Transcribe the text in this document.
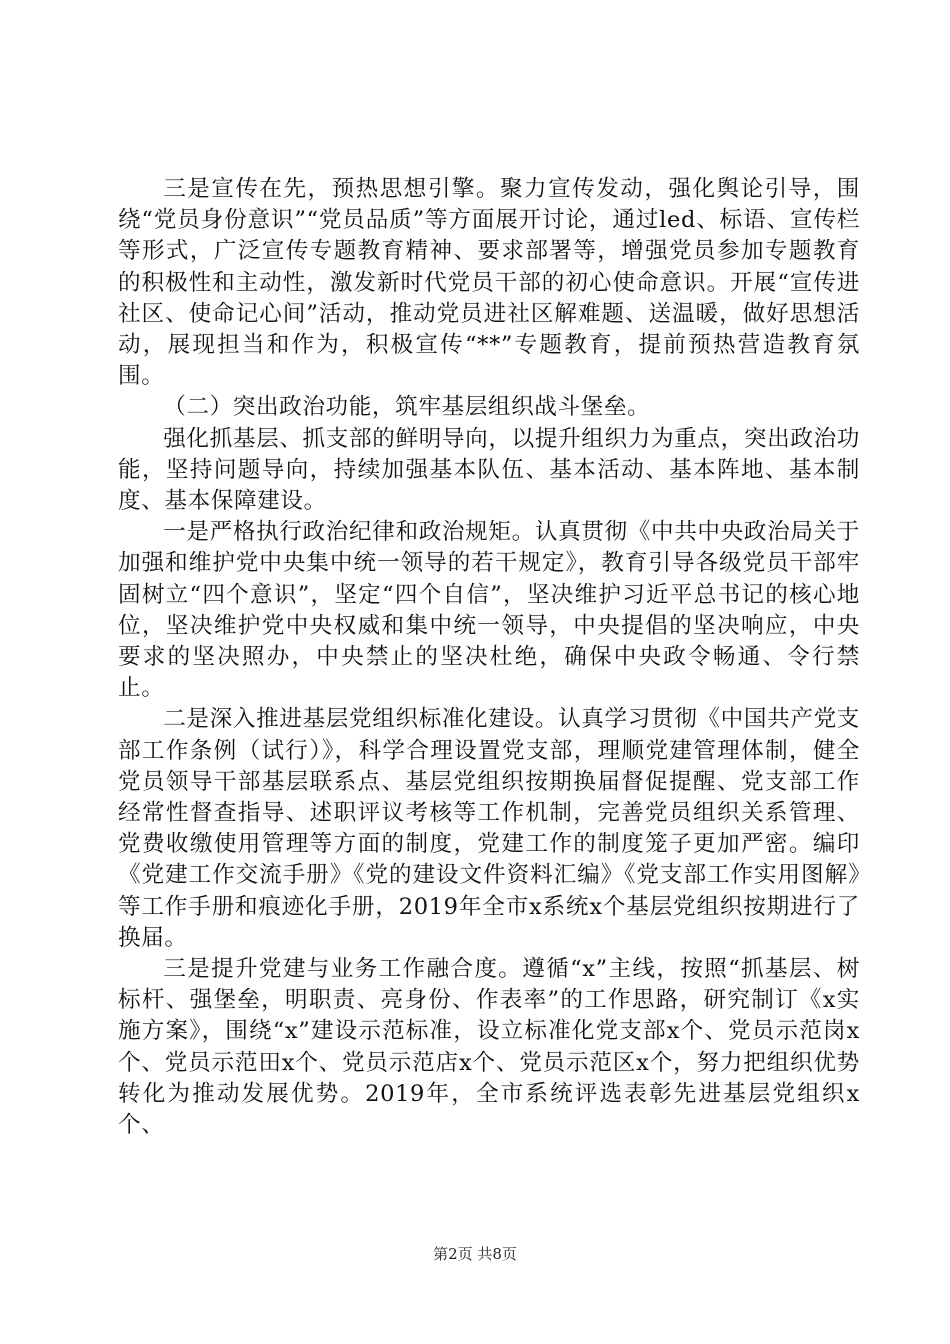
三是宣传在先，预热思想引擎。聚力宣传发动，强化舆论引导，围绕“党员身份意识”“党员品质”等方面展开讨论，通过led、标语、宣传栏等形式，广泛宣传专题教育精神、要求部署等，增强党员参加专题教育的积极性和主动性，激发新时代党员干部的初心使命意识。开展“宣传进社区、使命记心间”活动，推动党员进社区解难题、送温暖，做好思想活动，展现担当和作为，积极宣传“**”专题教育，提前预热营造教育氛围。

（二）突出政治功能，筑牢基层组织战斗堡垒。

强化抓基层、抓支部的鲜明导向，以提升组织力为重点，突出政治功能，坚持问题导向，持续加强基本队伍、基本活动、基本阵地、基本制度、基本保障建设。

一是严格执行政治纪律和政治规矩。认真贯彻《中共中央政治局关于加强和维护党中央集中统一领导的若干规定》，教育引导各级党员干部牢固树立“四个意识”，坚定“四个自信”，坚决维护习近平总书记的核心地位，坚决维护党中央权威和集中统一领导，中央提倡的坚决响应，中央要求的坚决照办，中央禁止的坚决杜绝，确保中央政令畅通、令行禁止。

二是深入推进基层党组织标准化建设。认真学习贯彻《中国共产党支部工作条例（试行）》，科学合理设置党支部，理顺党建管理体制，健全党员领导干部基层联系点、基层党组织按期换届督促提醒、党支部工作经常性督查指导、述职评议考核等工作机制，完善党员组织关系管理、党费收缴使用管理等方面的制度，党建工作的制度笼子更加严密。编印《党建工作交流手册》《党的建设文件资料汇编》《党支部工作实用图解》等工作手册和痕迹化手册，2019年全市x系统x个基层党组织按期进行了换届。

三是提升党建与业务工作融合度。遵循“x”主线，按照“抓基层、树标杆、强堡垒，明职责、亮身份、作表率”的工作思路，研究制订《x实施方案》，围绕“x”建设示范标准，设立标准化党支部x个、党员示范岗x个、党员示范田x个、党员示范店x个、党员示范区x个，努力把组织优势转化为推动发展优势。2019年，全市系统评选表彰先进基层党组织x个、

第2页 共8页
